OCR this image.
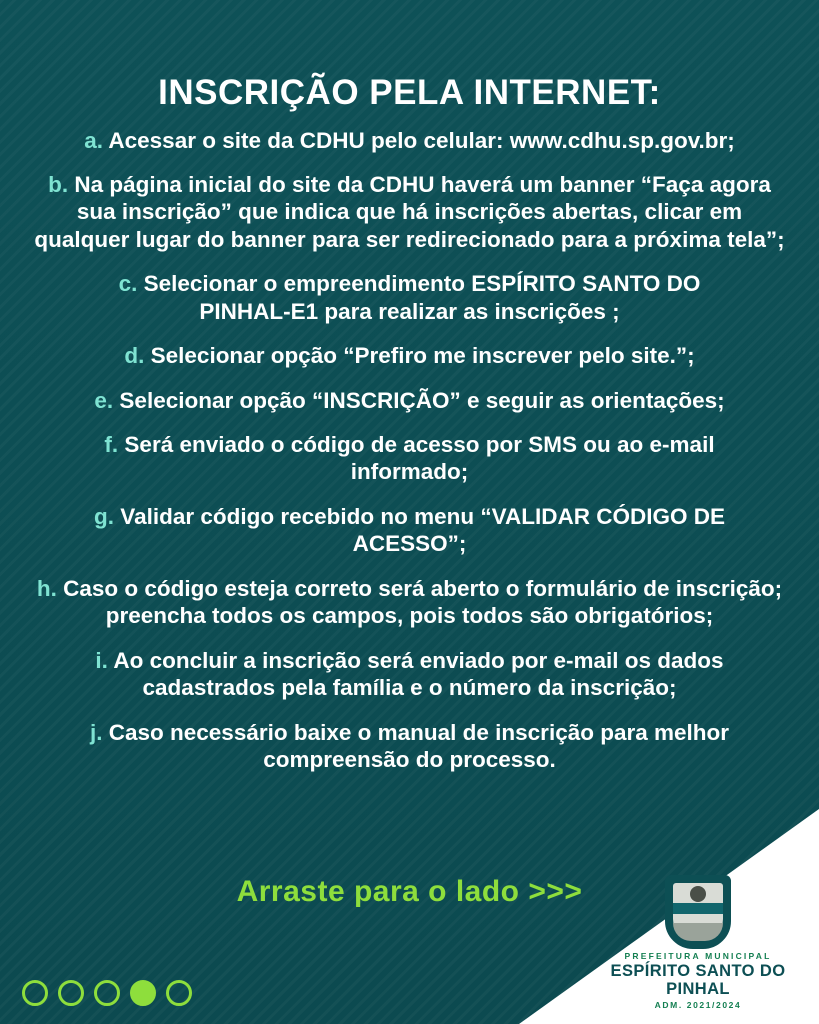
INSCRIÇÃO PELA INTERNET:

a. Acessar o site da CDHU pelo celular: www.cdhu.sp.gov.br;

b. Na página inicial do site da CDHU haverá um banner “Faça agora sua inscrição” que indica que há inscrições abertas, clicar em qualquer lugar do banner para ser redirecionado para a próxima tela”;

c. Selecionar o empreendimento ESPÍRITO SANTO DO PINHAL-E1 para realizar as inscrições ;

d. Selecionar opção “Prefiro me inscrever pelo site.”;

e. Selecionar opção “INSCRIÇÃO” e seguir as orientações;

f. Será enviado o código de acesso por SMS ou ao e-mail informado;

g. Validar código recebido no menu “VALIDAR CÓDIGO DE ACESSO”;

h. Caso o código esteja correto será aberto o formulário de inscrição; preencha todos os campos, pois todos são obrigatórios;

i. Ao concluir a inscrição será enviado por e-mail os dados cadastrados pela família e o número da inscrição;

j. Caso necessário baixe o manual de inscrição para melhor compreensão do processo.

Arraste para o lado >>>
PREFEITURA MUNICIPAL
ESPÍRITO SANTO DO PINHAL
ADM. 2021/2024
